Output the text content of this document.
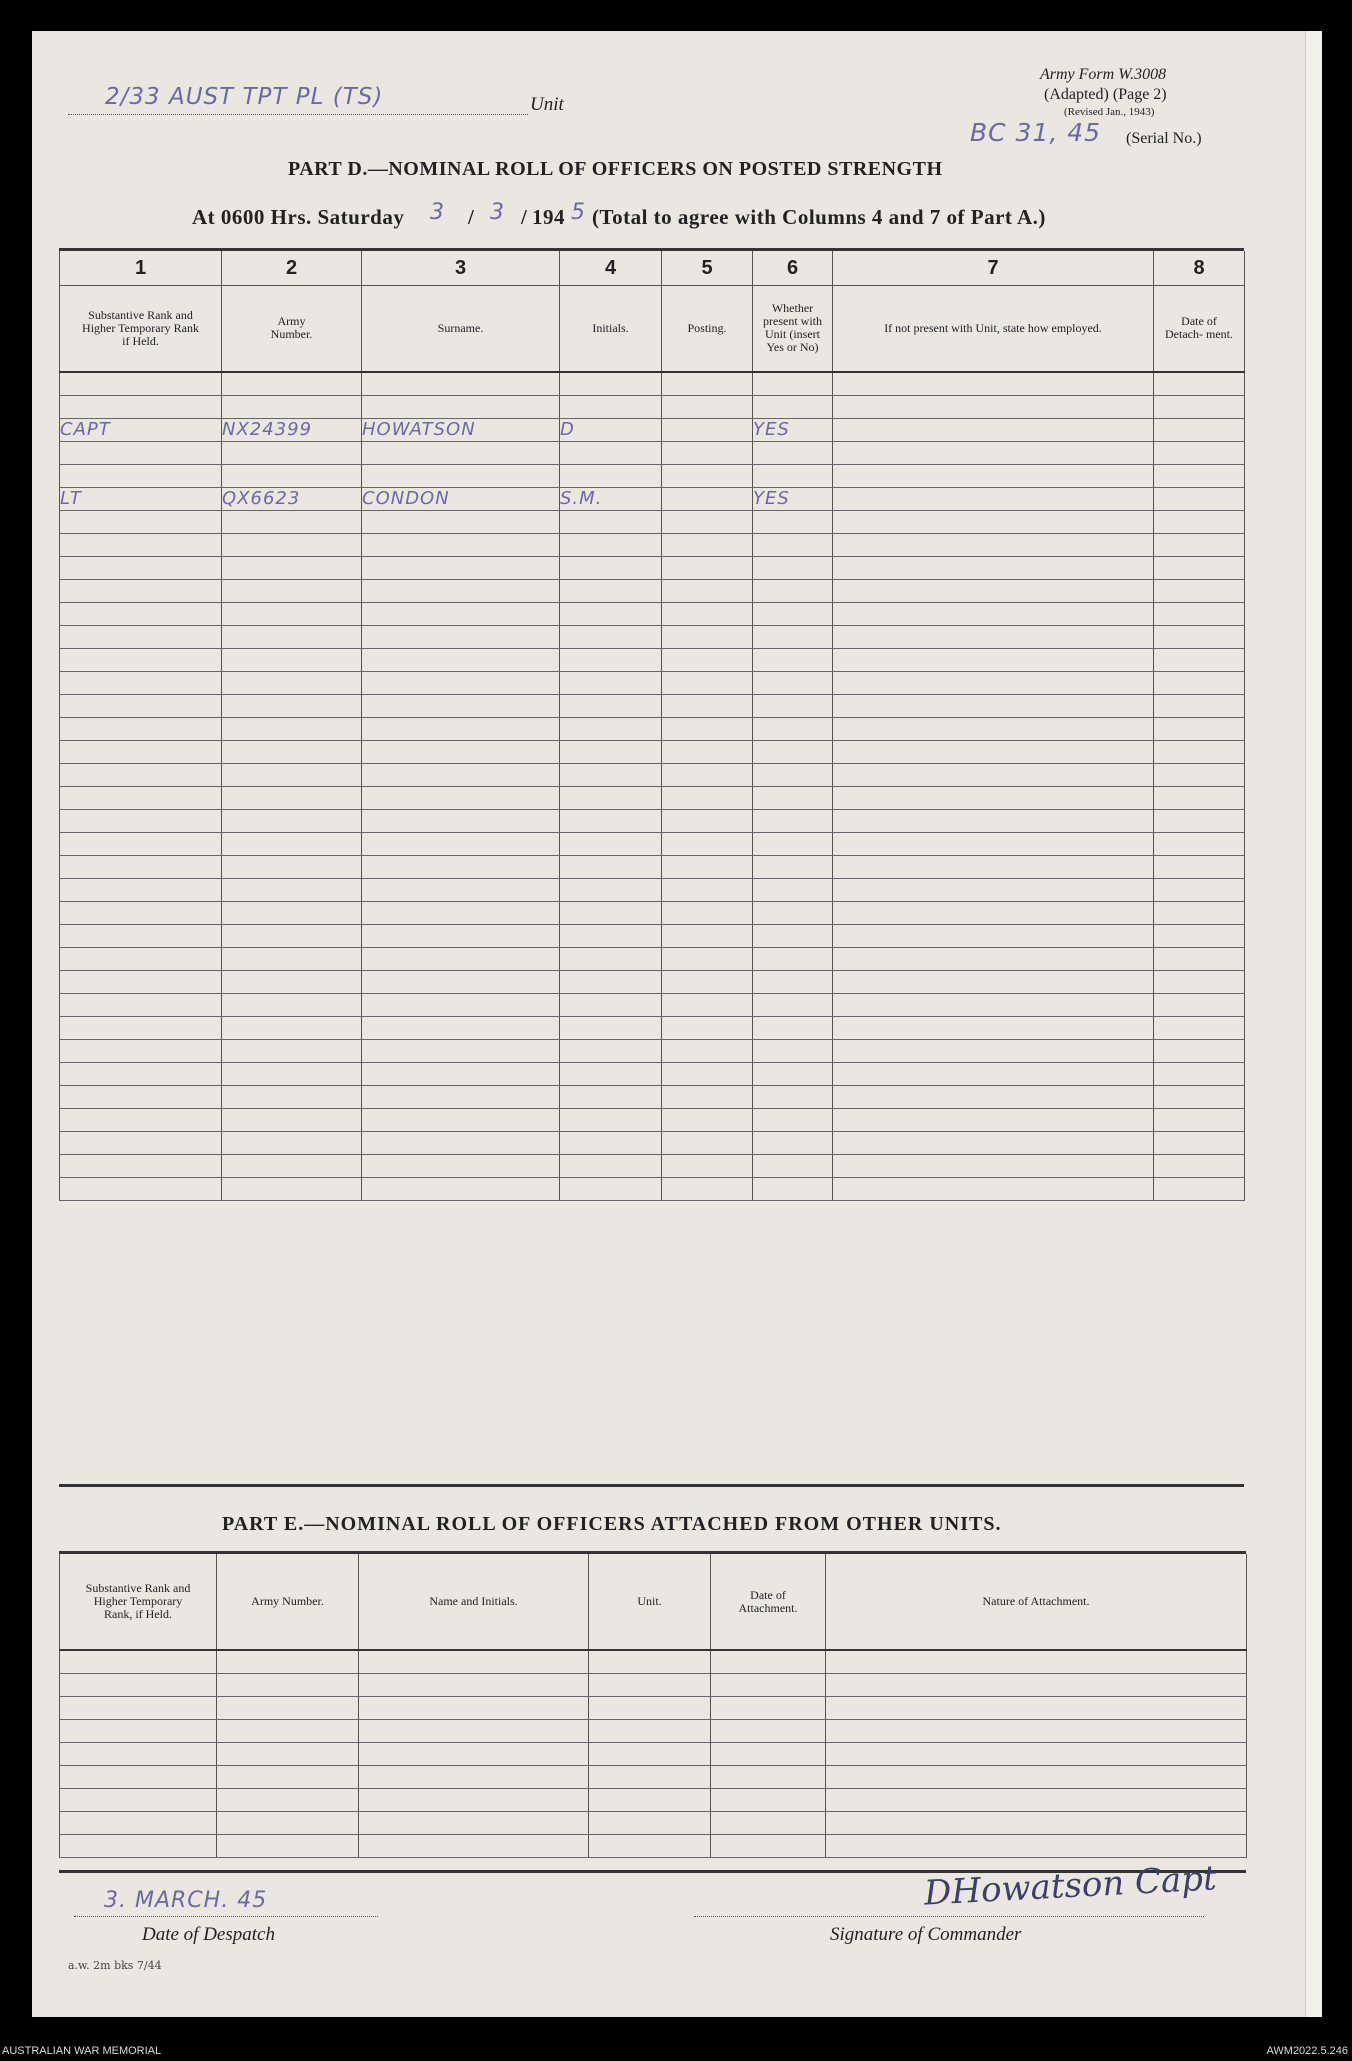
2/33 AUST TPT PL (TS)	Unit
Army Form W.3008
(Adapted) (Page 2)
(Revised Jan., 1943)
BC 31, 45 (Serial No.)
PART D.—NOMINAL ROLL OF OFFICERS ON POSTED STRENGTH
At 0600 Hrs. Saturday 3 / 3 / 194 5 (Total to agree with Columns 4 and 7 of Part A.)
1	2	3	4	5	6	7	8
Substantive Rank and Higher Temporary Rank if Held.	Army Number.	Surname.	Initials.	Posting.	Whether present with Unit (insert Yes or No)	If not present with Unit, state how employed.	Date of Detach- ment.

CAPT	NX24399	HOWATSON	D		YES		

LT	QX6623	CONDON	S.M.		YES		

PART E.—NOMINAL ROLL OF OFFICERS ATTACHED FROM OTHER UNITS.
Substantive Rank and Higher Temporary Rank, if Held.	Army Number.	Name and Initials.	Unit.	Date of Attachment.	Nature of Attachment.

3. MARCH. 45
Date of Despatch
DHowatson Capt
Signature of Commander
a.w. 2m bks 7/44
AUSTRALIAN WAR MEMORIAL	AWM2022.5.246
